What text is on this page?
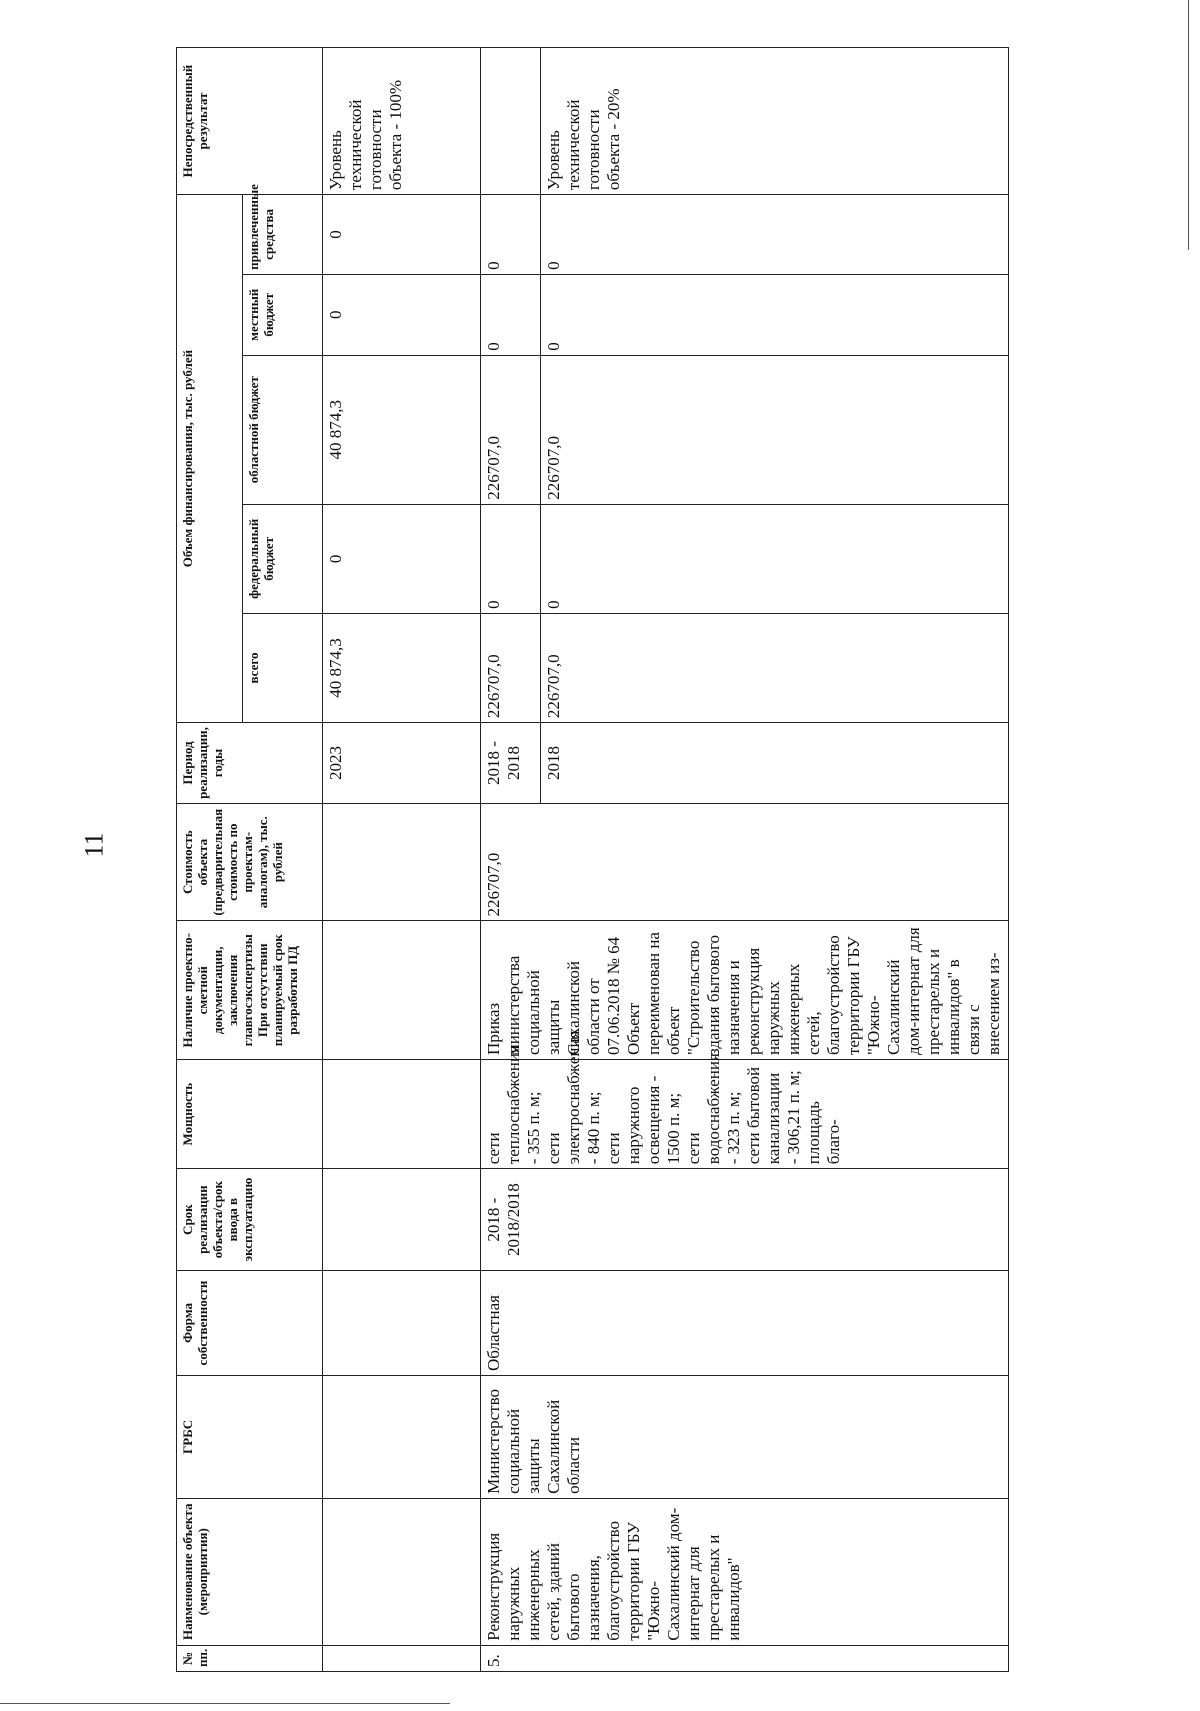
11
№ пп.	Наименование объекта (мероприятия)	ГРБС	Форма собственности	Срок реализации объекта/срок ввода в эксплуатацию	Мощность	Наличие проектно-сметной документации, заключения главгосэкспертизы При отсутствии планируемый срок разработки ПД	Стоимость объекта (предварительная стоимость по проектам-аналогам), тыс. рублей	Период реализации, годы	Объем финансирования, тыс. рублей					Непосредственный результат
									всего	федеральный бюджет	областной бюджет	местный бюджет	привлеченные средства	
								2023	40 874,3	0	40 874,3	0	0	Уровень технической готовности объекта - 100%
5.	Реконструкция наружных инженерных сетей, зданий бытового назначения, благоустройство территории ГБУ "Южно-Сахалинский дом-интернат для престарелых и инвалидов"	Министерство социальной защиты Сахалинской области	Областная	2018 - 2018/2018	сети теплоснабжения - 355 п. м; сети электроснабжения - 840 п. м; сети наружного освещения - 1500 п. м; сети водоснабжения - 323 п. м; сети бытовой канализации - 306,21 п. м; площадь благо-	Приказ министерства социальной защиты Сахалинской области от 07.06.2018 № 64 Объект переименован на объект "Строительство здания бытового назначения и реконструкция наружных инженерных сетей, благоустройство территории ГБУ "Южно-Сахалинский дом-интернат для престарелых и инвалидов" в связи с внесением из-	226707,0	2018 - 2018	226707,0	0	226707,0	0	0	
								2018	226707,0	0	226707,0	0	0	Уровень технической готовности объекта - 20%
